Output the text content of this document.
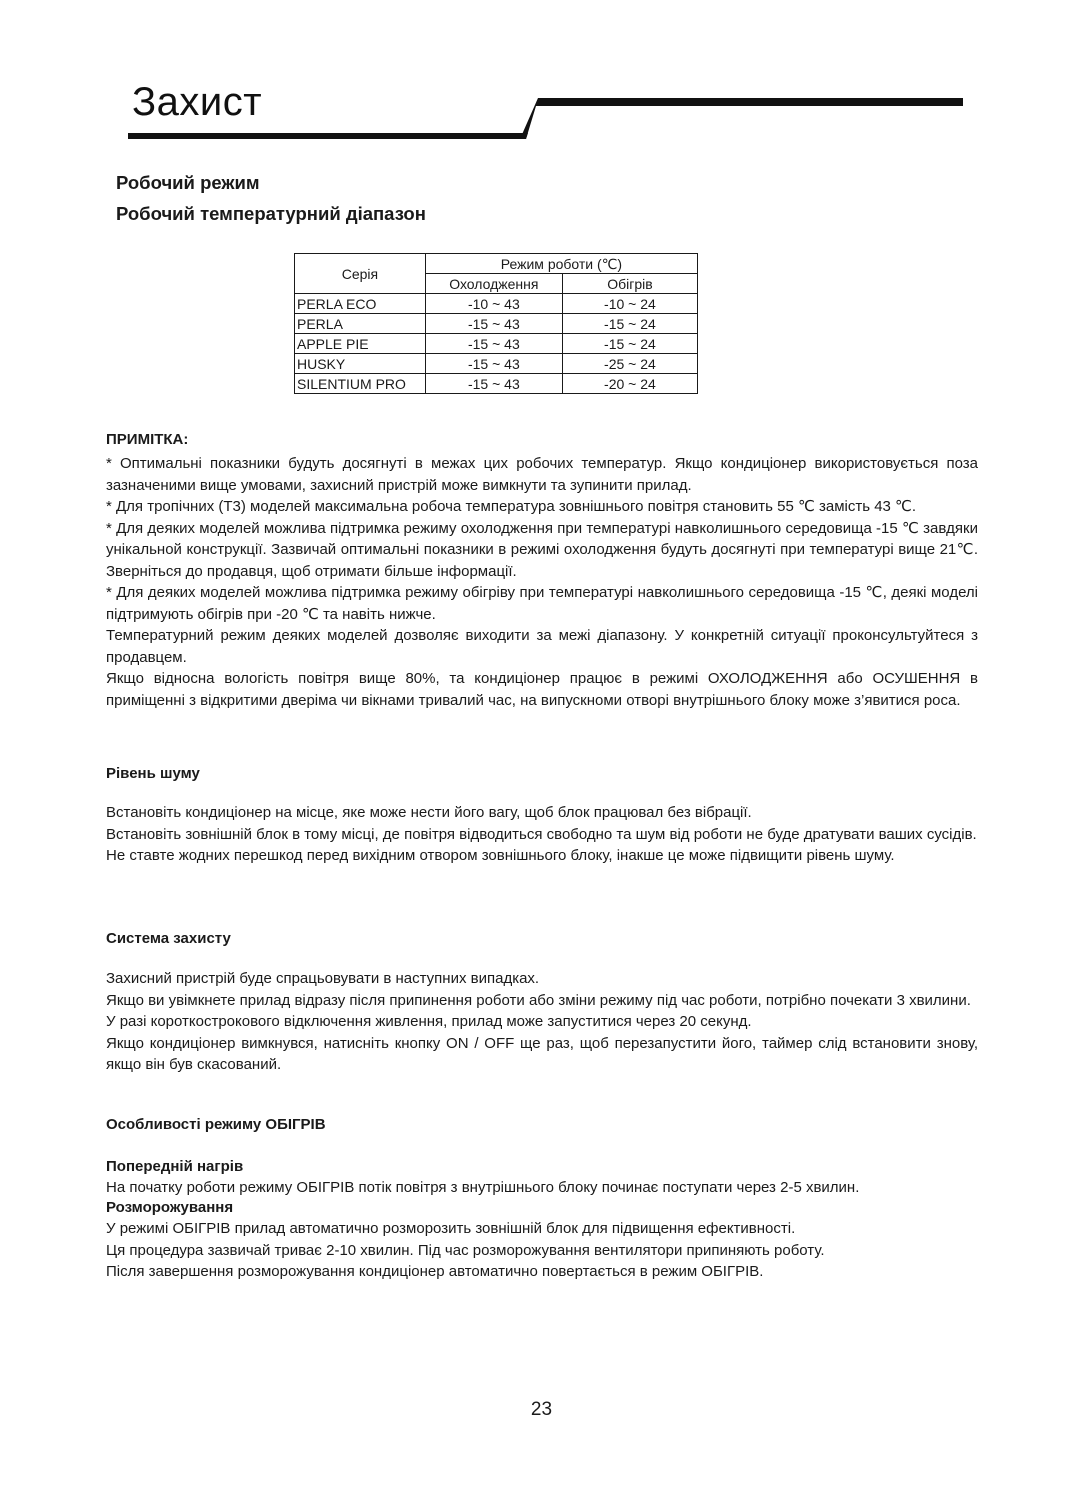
Захист
Робочий режим
Робочий температурний діапазон
Серія	Режим роботи (℃)	
	Охолодження	Обігрів
PERLA ECO	-10 ~ 43	-10 ~ 24
PERLA	-15 ~ 43	-15 ~ 24
APPLE PIE	-15 ~ 43	-15 ~ 24
HUSKY	-15 ~ 43	-25 ~ 24
SILENTIUM PRO	-15 ~ 43	-20 ~ 24
ПРИМІТКА:

* Оптимальні показники будуть досягнуті в межах цих робочих температур. Якщо кондиціонер використовується поза зазначеними вище умовами, захисний пристрій може вимкнути та зупинити прилад.

* Для тропічних (T3) моделей максимальна робоча температура зовнішнього повітря становить 55 ℃ замість 43 ℃.

* Для деяких моделей можлива підтримка режиму охолодження при температурі навколишнього середовища -15 ℃ завдяки унікальной конструкції. Зазвичай оптимальні показники в режимі охолодження будуть досягнуті при температурі вище 21℃. Зверніться до продавця, щоб отримати більше інформації.

* Для деяких моделей можлива підтримка режиму обігріву при температурі навколишнього середовища -15 ℃, деякі моделі підтримують обігрів при -20 ℃ та навіть нижче.

Температурний режим деяких моделей дозволяє виходити за межі діапазону. У конкретній ситуації проконсультуйтеся з продавцем.

Якщо відносна вологість повітря вище 80%, та кондиціонер працює в режимі ОХОЛОДЖЕННЯ або ОСУШЕННЯ в приміщенні з відкритими дверіма чи вікнами тривалий час, на випускноми отворі внутрішнього блоку може з’явитися роса.

Рівень шуму

Встановіть кондиціонер на місце, яке може нести його вагу, щоб блок працювал без вібрації.

Встановіть зовнішній блок в тому місці, де повітря відводиться свободно та шум від роботи не буде дратувати ваших сусідів.

Не ставте жодних перешкод перед вихідним отвором зовнішнього блоку, інакше це може підвищити рівень шуму.

Система захисту

Захисний пристрій буде спрацьовувати в наступних випадках.

Якщо ви увімкнете прилад відразу після припинення роботи або зміни режиму під час роботи, потрібно почекати 3 хвилини.

У разі короткострокового відключення живлення, прилад може запуститися через 20 секунд.

Якщо кондиціонер вимкнувся, натисніть кнопку ON / OFF ще раз, щоб перезапустити його, таймер слід встановити знову, якщо він був скасований.

Особливості режиму ОБІГРІВ
Попередній нагрів

На початку роботи режиму ОБІГРІВ потік повітря з внутрішнього блоку починає поступати через 2-5 хвилин.

Розморожування

У режимі ОБІГРІВ прилад автоматично розморозить зовнішній блок для підвищення ефективності.

Ця процедура зазвичай триває 2-10 хвилин. Під час розморожування вентилятори припиняють роботу.

Після завершення розморожування кондиціонер автоматично повертається в режим ОБІГРІВ.

23
